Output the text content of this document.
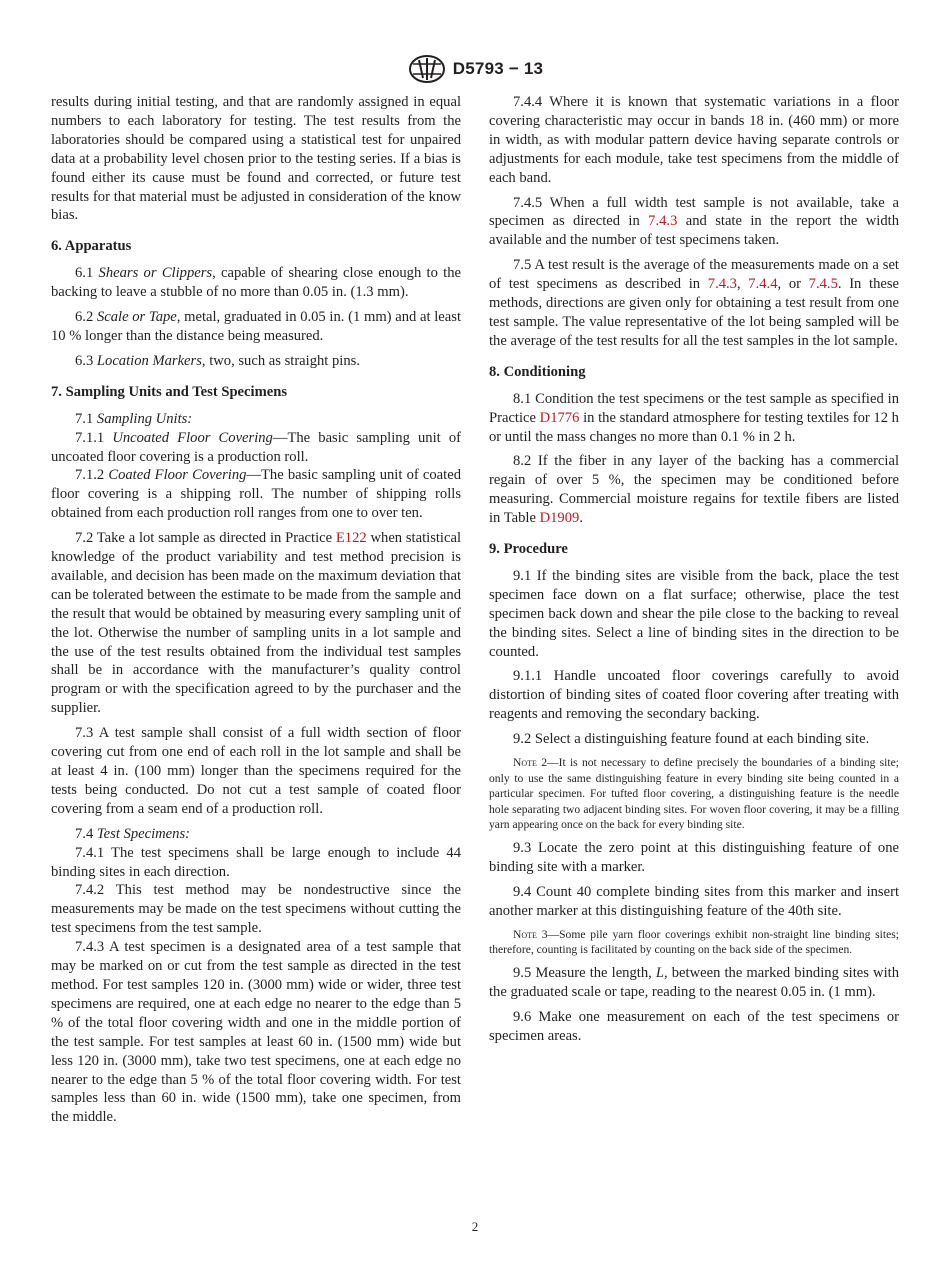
D5793 − 13

results during initial testing, and that are randomly assigned in equal numbers to each laboratory for testing. The test results from the laboratories should be compared using a statistical test for unpaired data at a probability level chosen prior to the testing series. If a bias is found either its cause must be found and corrected, or future test results for that material must be adjusted in consideration of the know bias.

6. Apparatus

6.1 Shears or Clippers, capable of shearing close enough to the backing to leave a stubble of no more than 0.05 in. (1.3 mm).

6.2 Scale or Tape, metal, graduated in 0.05 in. (1 mm) and at least 10 % longer than the distance being measured.

6.3 Location Markers, two, such as straight pins.

7. Sampling Units and Test Specimens

7.1 Sampling Units:

7.1.1 Uncoated Floor Covering—The basic sampling unit of uncoated floor covering is a production roll.

7.1.2 Coated Floor Covering—The basic sampling unit of coated floor covering is a shipping roll. The number of shipping rolls obtained from each production roll ranges from one to over ten.

7.2 Take a lot sample as directed in Practice E122 when statistical knowledge of the product variability and test method precision is available, and decision has been made on the maximum deviation that can be tolerated between the estimate to be made from the sample and the result that would be obtained by measuring every sampling unit of the lot. Otherwise the number of sampling units in a lot sample and the use of the test results obtained from the individual test samples shall be in accordance with the manufacturer’s quality control program or with the specification agreed to by the purchaser and the supplier.

7.3 A test sample shall consist of a full width section of floor covering cut from one end of each roll in the lot sample and shall be at least 4 in. (100 mm) longer than the specimens required for the tests being conducted. Do not cut a test sample of coated floor covering from a seam end of a production roll.

7.4 Test Specimens:

7.4.1 The test specimens shall be large enough to include 44 binding sites in each direction.

7.4.2 This test method may be nondestructive since the measurements may be made on the test specimens without cutting the test specimens from the test sample.

7.4.3 A test specimen is a designated area of a test sample that may be marked on or cut from the test sample as directed in the test method. For test samples 120 in. (3000 mm) wide or wider, three test specimens are required, one at each edge no nearer to the edge than 5 % of the total floor covering width and one in the middle portion of the test sample. For test samples at least 60 in. (1500 mm) wide but less 120 in. (3000 mm), take two test specimens, one at each edge no nearer to the edge than 5 % of the total floor covering width. For test samples less than 60 in. wide (1500 mm), take one specimen, from the middle.

7.4.4 Where it is known that systematic variations in a floor covering characteristic may occur in bands 18 in. (460 mm) or more in width, as with modular pattern device having separate controls or adjustments for each module, take test specimens from the middle of each band.

7.4.5 When a full width test sample is not available, take a specimen as directed in 7.4.3 and state in the report the width available and the number of test specimens taken.

7.5 A test result is the average of the measurements made on a set of test specimens as described in 7.4.3, 7.4.4, or 7.4.5. In these methods, directions are given only for obtaining a test result from one test sample. The value representative of the lot being sampled will be the average of the test results for all the test samples in the lot sample.

8. Conditioning

8.1 Condition the test specimens or the test sample as specified in Practice D1776 in the standard atmosphere for testing textiles for 12 h or until the mass changes no more than 0.1 % in 2 h.

8.2 If the fiber in any layer of the backing has a commercial regain of over 5 %, the specimen may be conditioned before measuring. Commercial moisture regains for textile fibers are listed in Table D1909.

9. Procedure

9.1 If the binding sites are visible from the back, place the test specimen face down on a flat surface; otherwise, place the test specimen back down and shear the pile close to the backing to reveal the binding sites. Select a line of binding sites in the direction to be counted.

9.1.1 Handle uncoated floor coverings carefully to avoid distortion of binding sites of coated floor covering after treating with reagents and removing the secondary backing.

9.2 Select a distinguishing feature found at each binding site.

Note 2—It is not necessary to define precisely the boundaries of a binding site; only to use the same distinguishing feature in every binding site being counted in a particular specimen. For tufted floor covering, a distinguishing feature is the needle hole separating two adjacent binding sites. For woven floor covering, it may be a filling yarn appearing once on the back for every binding site.

9.3 Locate the zero point at this distinguishing feature of one binding site with a marker.

9.4 Count 40 complete binding sites from this marker and insert another marker at this distinguishing feature of the 40th site.

Note 3—Some pile yarn floor coverings exhibit non-straight line binding sites; therefore, counting is facilitated by counting on the back side of the specimen.

9.5 Measure the length, L, between the marked binding sites with the graduated scale or tape, reading to the nearest 0.05 in. (1 mm).

9.6 Make one measurement on each of the test specimens or specimen areas.

2
